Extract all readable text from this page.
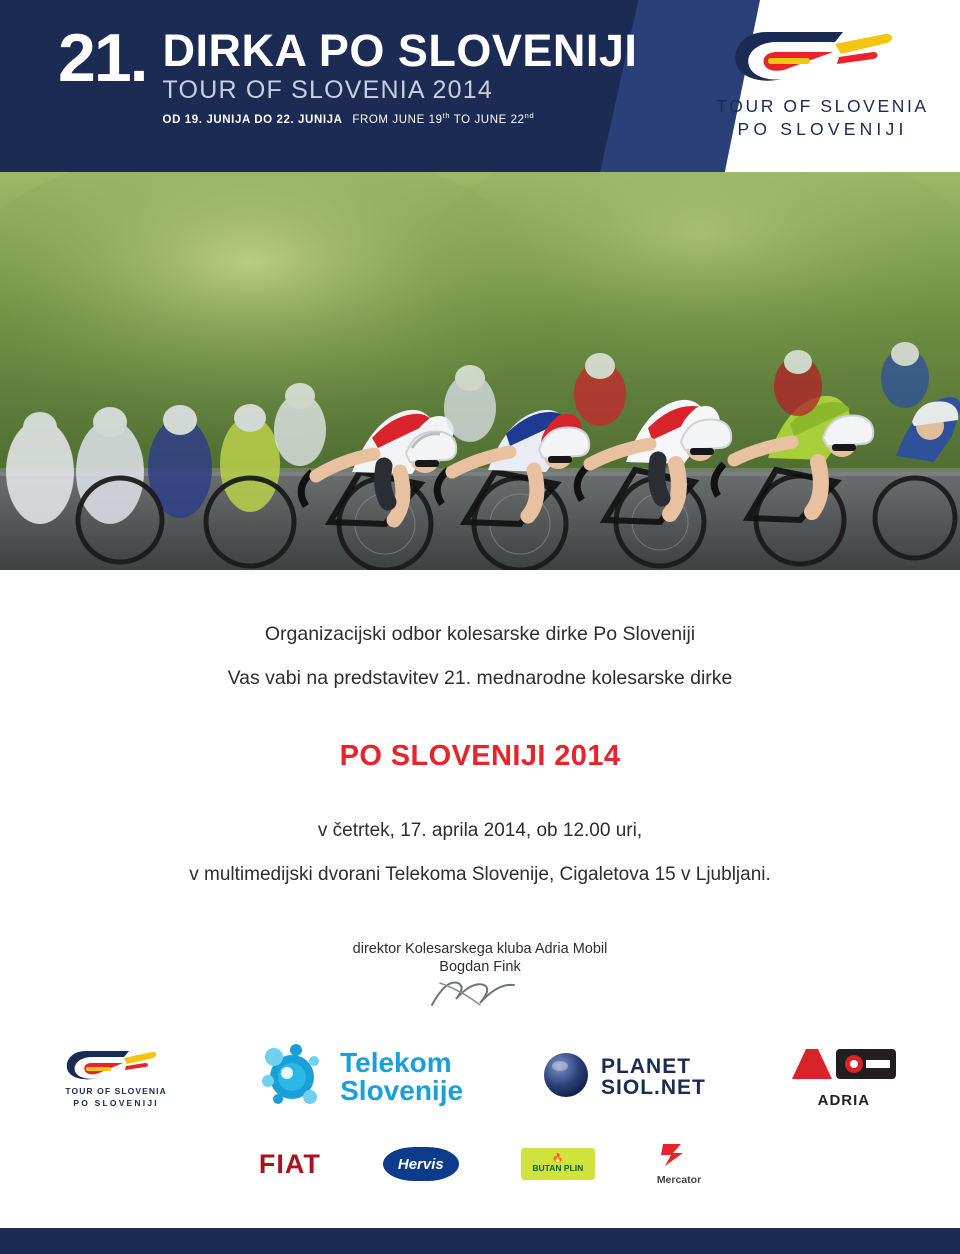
21. DIRKA PO SLOVENIJI
TOUR OF SLOVENIA 2014
OD 19. JUNIJA DO 22. JUNIJA FROM JUNE 19th TO JUNE 22nd	TOUR OF SLOVENIA
PO SLOVENIJI
Organizacijski odbor kolesarske dirke Po Sloveniji
Vas vabi na predstavitev 21. mednarodne kolesarske dirke
PO SLOVENIJI 2014
v četrtek, 17. aprila 2014, ob 12.00 uri,
v multimedijski dvorani Telekoma Slovenije, Cigaletova 15 v Ljubljani.
direktor Kolesarskega kluba Adria Mobil
Bogdan Fink
TOUR OF SLOVENIA
PO SLOVENIJI
Telekom
Slovenije
PLANET
SIOL.NET
ADRIA
FIAT	Hervis	🔥
BUTAN PLIN
Mercator
